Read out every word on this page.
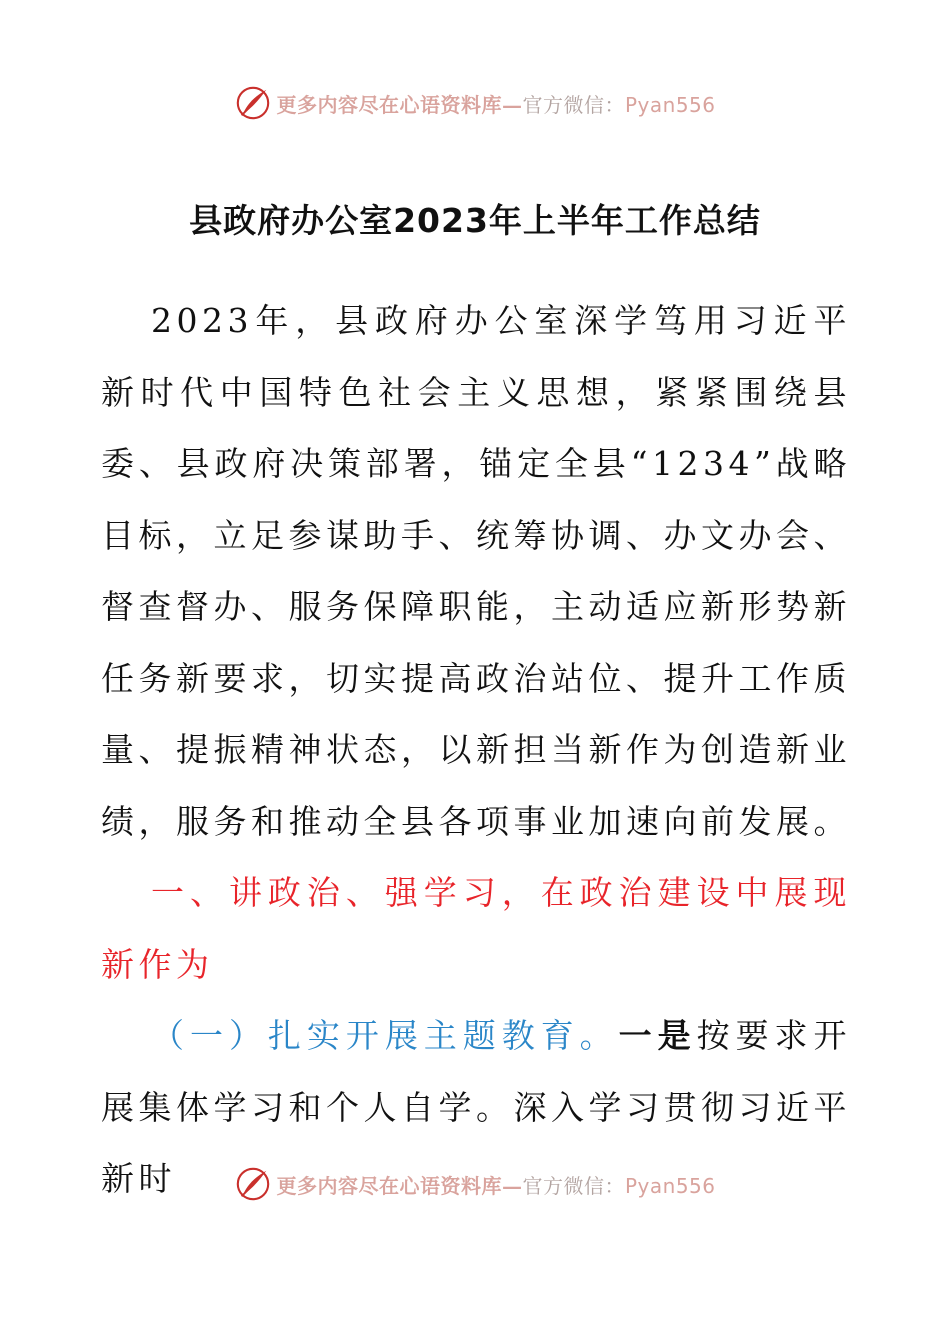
更多内容尽在心语资料库—官方微信：Pyan556
县政府办公室2023年上半年工作总结

2023年，县政府办公室深学笃用习近平新时代中国特色社会主义思想，紧紧围绕县委、县政府决策部署，锚定全县“1234”战略目标，立足参谋助手、统筹协调、办文办会、督查督办、服务保障职能，主动适应新形势新任务新要求，切实提高政治站位、提升工作质量、提振精神状态，以新担当新作为创造新业绩，服务和推动全县各项事业加速向前发展。

一、讲政治、强学习，在政治建设中展现新作为

（一）扎实开展主题教育。一是按要求开展集体学习和个人自学。深入学习贯彻习近平新时	更多内容尽在心语资料库—官方微信：Pyan556
